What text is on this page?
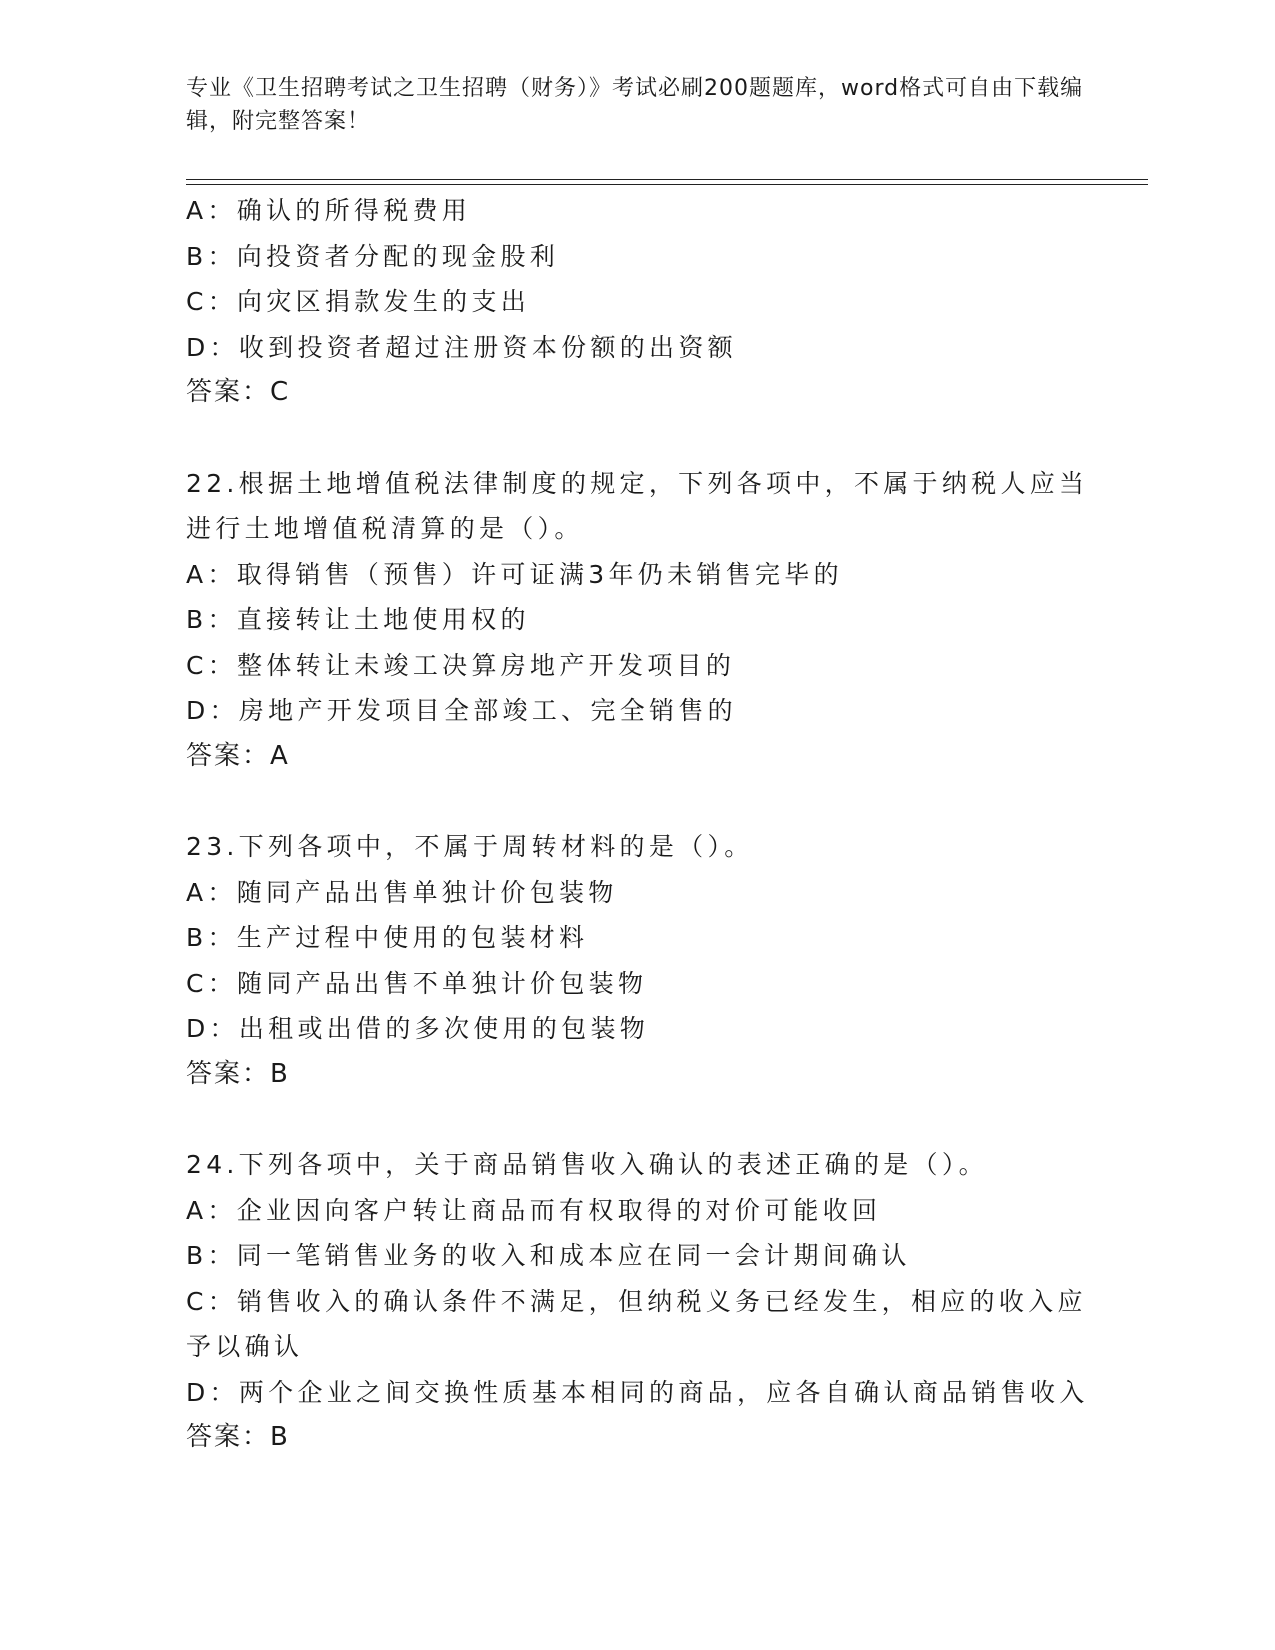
专业《卫生招聘考试之卫生招聘（财务）》考试必刷200题题库，word格式可自由下载编辑，附完整答案！
A：确认的所得税费用
B：向投资者分配的现金股利
C：向灾区捐款发生的支出
D：收到投资者超过注册资本份额的出资额
答案：C
22.根据土地增值税法律制度的规定，下列各项中，不属于纳税人应当
进行土地增值税清算的是（）。
A：取得销售（预售）许可证满3年仍未销售完毕的
B：直接转让土地使用权的
C：整体转让未竣工决算房地产开发项目的
D：房地产开发项目全部竣工、完全销售的
答案：A
23.下列各项中，不属于周转材料的是（）。
A：随同产品出售单独计价包装物
B：生产过程中使用的包装材料
C：随同产品出售不单独计价包装物
D：出租或出借的多次使用的包装物
答案：B
24.下列各项中，关于商品销售收入确认的表述正确的是（）。
A：企业因向客户转让商品而有权取得的对价可能收回
B：同一笔销售业务的收入和成本应在同一会计期间确认
C：销售收入的确认条件不满足，但纳税义务已经发生，相应的收入应
予以确认
D：两个企业之间交换性质基本相同的商品，应各自确认商品销售收入
答案：B
